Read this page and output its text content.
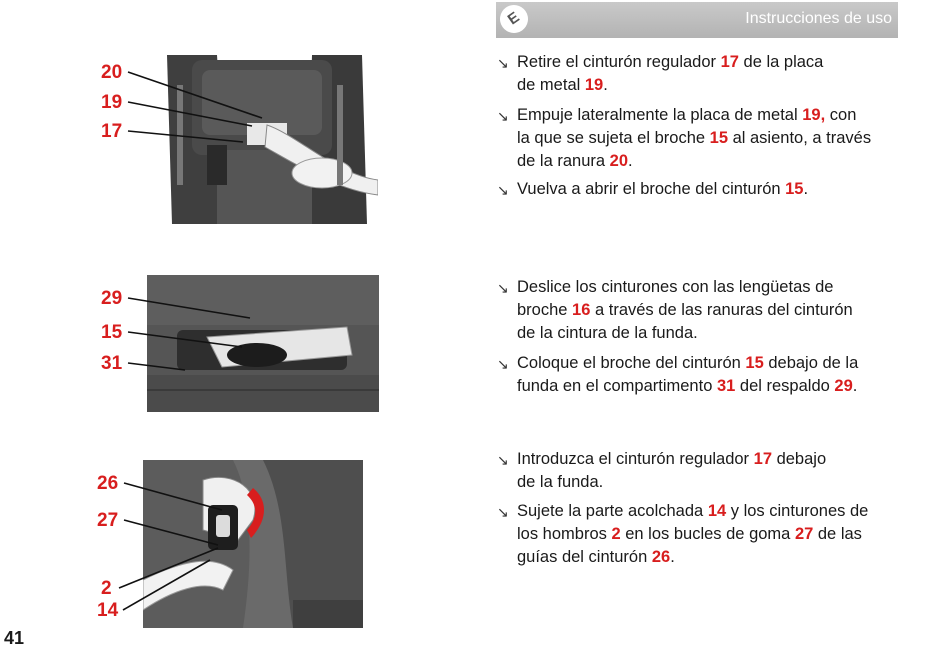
E	Instrucciones de uso
20
19
17
29
15
31
26
27
2
14
↘ Retire el cinturón regulador 17 de la placa
de metal 19.
↘ Empuje lateralmente la placa de metal 19, con
la que se sujeta el broche 15 al asiento, a través
de la ranura 20.
↘ Vuelva a abrir el broche del cinturón 15.
↘ Deslice los cinturones con las lengüetas de
broche 16 a través de las ranuras del cinturón
de la cintura de la funda.
↘ Coloque el broche del cinturón 15 debajo de la
funda en el compartimento 31 del respaldo 29.
↘ Introduzca el cinturón regulador 17 debajo
de la funda.
↘ Sujete la parte acolchada 14 y los cinturones de
los hombros 2 en los bucles de goma 27 de las
guías del cinturón 26.
41
